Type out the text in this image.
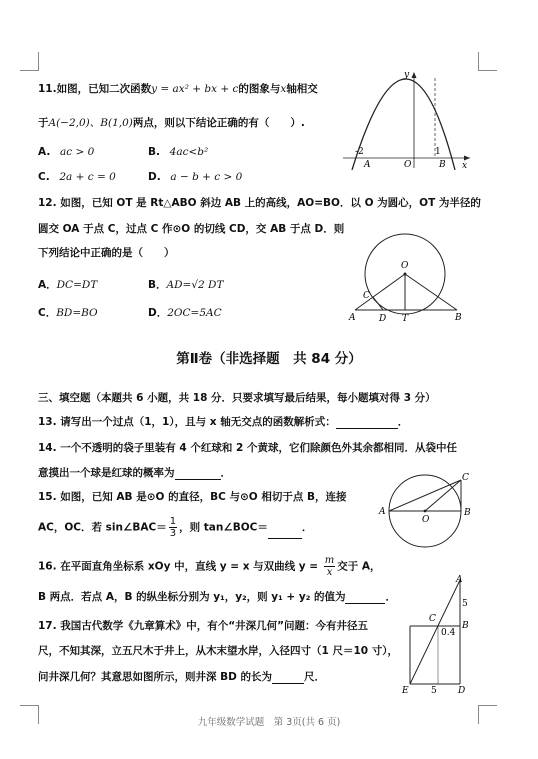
11.如图，已知二次函数y = ax² + bx + c的图象与x轴相交
于A(−2,0)、B(1,0)两点，则以下结论正确的有（　　）.
A. ac > 0	B. 4ac<b²
C. 2a + c = 0	D. a − b + c > 0
y
x
-2
A	O
1
B
12. 如图，已知 OT 是 Rt△ABO 斜边 AB 上的高线，AO=BO．以 O 为圆心，OT 为半径的
圆交 OA 于点 C，过点 C 作⊙O 的切线 CD，交 AB 于点 D．则
下列结论中正确的是（　　）
A．DC=DT	B．AD=√2 DT
C．BD=BO	D．2OC=5AC
O
C
A	D T	B
第Ⅱ卷（非选择题　共 84 分）
三、填空题（本题共 6 小题，共 18 分．只要求填写最后结果，每小题填对得 3 分）
13. 请写出一个过点（1，1），且与 x 轴无交点的函数解析式：	．
14. 一个不透明的袋子里装有 4 个红球和 2 个黄球，它们除颜色外其余都相同．从袋中任
意摸出一个球是红球的概率为	．
15. 如图，已知 AB 是⊙O 的直径，BC 与⊙O 相切于点 B，连接
AC，OC．若 sin∠BAC＝ $\frac{1}{3}$ ，则 tan∠BOC＝	．
A
O
B
C
16. 在平面直角坐标系 xOy 中，直线 y = x 与双曲线 $y = \frac{m}{x}$ 交于 A，
B 两点．若点 A，B 的纵坐标分别为 y₁，y₂，则 y₁ + y₂ 的值为	．
17. 我国古代数学《九章算术》中，有个“井深几何”问题：今有井径五
尺，不知其深，立五尺木于井上，从木末望水岸，入径四寸（1 尺＝10 寸），
问井深几何？其意思如图所示，则井深 BD 的长为	尺．
A
C
B
E	D
5
5
0.4
九年级数学试题　第 3页(共 6 页)
